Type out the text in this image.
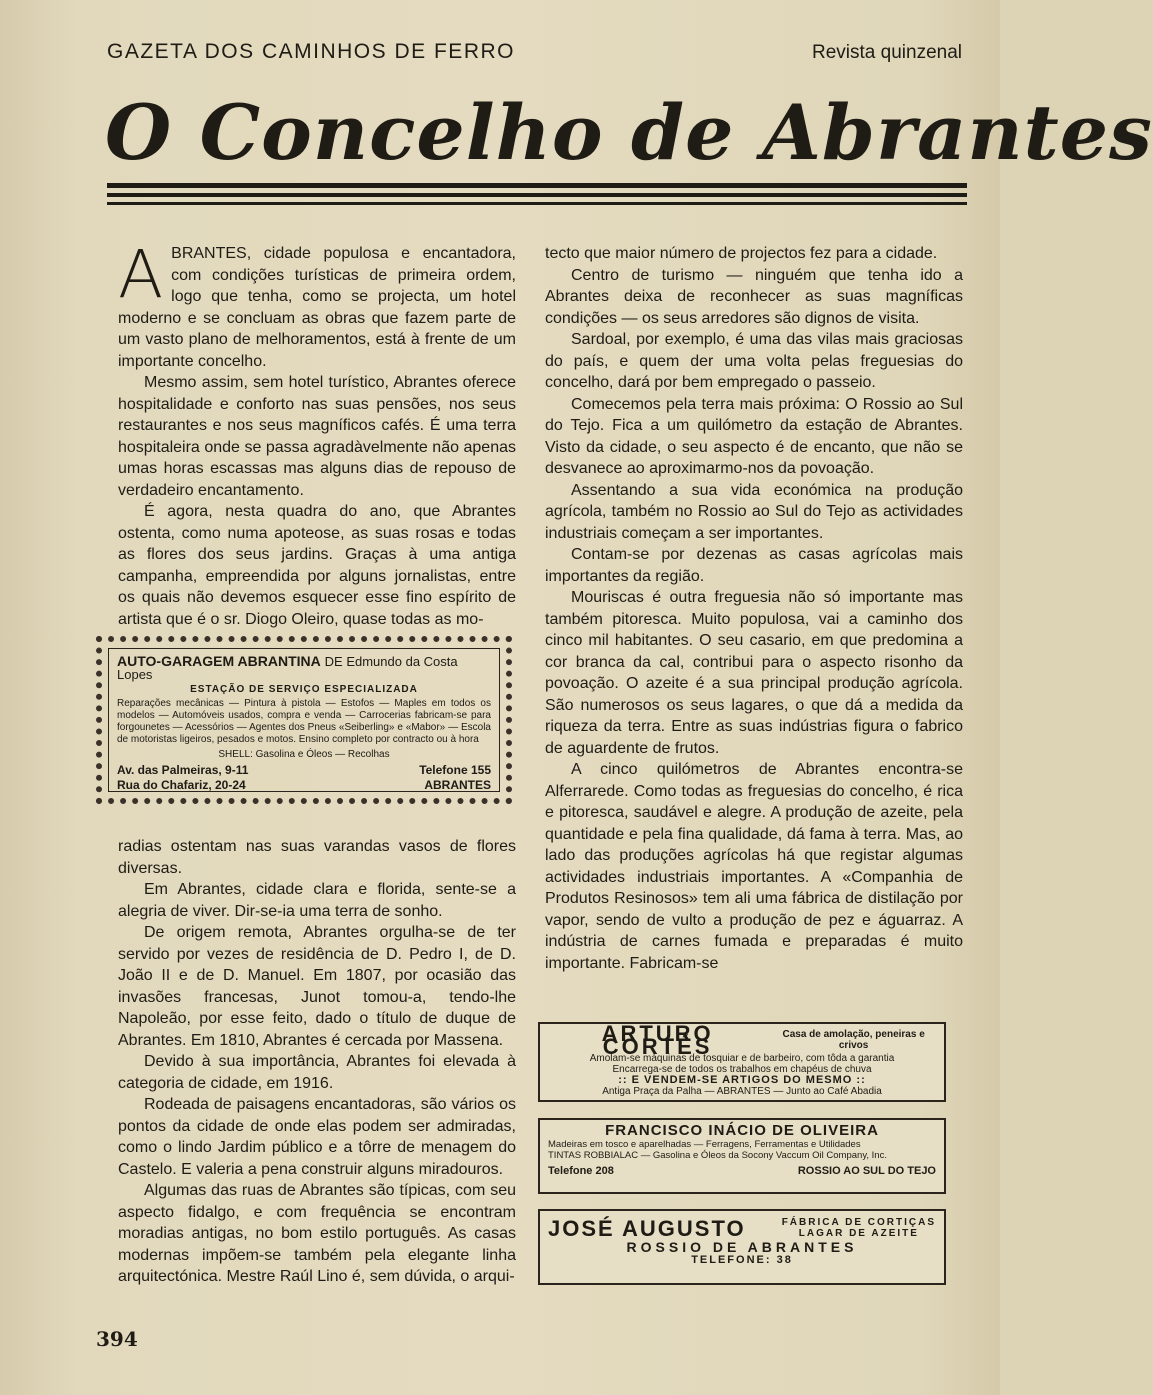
GAZETA DOS CAMINHOS DE FERRO	Revista quinzenal
O Concelho de Abrantes
A BRANTES, cidade populosa e encantadora, com condições turísticas de primeira ordem, logo que tenha, como se projecta, um hotel moderno e se concluam as obras que fazem parte de um vasto plano de melhoramentos, está à frente de um importante concelho.

Mesmo assim, sem hotel turístico, Abrantes oferece hospitalidade e conforto nas suas pensões, nos seus restaurantes e nos seus magníficos cafés. É uma terra hospitaleira onde se passa agradàvelmente não apenas umas horas escassas mas alguns dias de repouso de verdadeiro encantamento.

É agora, nesta quadra do ano, que Abrantes ostenta, como numa apoteose, as suas rosas e todas as flores dos seus jardins. Graças à uma antiga campanha, empreendida por alguns jornalistas, entre os quais não devemos esquecer esse fino espírito de artista que é o sr. Diogo Oleiro, quase todas as mo-

AUTO-GARAGEM ABRANTINA DE Edmundo da Costa Lopes
ESTAÇÃO DE SERVIÇO ESPECIALIZADA
Reparações mecânicas — Pintura à pistola — Estofos — Maples em todos os modelos — Automóveis usados, compra e venda — Carrocerias fabricam-se para forgounetes — Acessórios — Agentes dos Pneus «Seiberling» e «Mabor» — Escola de motoristas ligeiros, pesados e motos. Ensino completo por contracto ou à hora
SHELL: Gasolina e Óleos — Recolhas
Av. das Palmeiras, 9-11	Telefone 155
Rua do Chafariz, 20-24	ABRANTES

radias ostentam nas suas varandas vasos de flores diversas.

Em Abrantes, cidade clara e florida, sente-se a alegria de viver. Dir-se-ia uma terra de sonho.

De origem remota, Abrantes orgulha-se de ter servido por vezes de residência de D. Pedro I, de D. João II e de D. Manuel. Em 1807, por ocasião das invasões francesas, Junot tomou-a, tendo-lhe Napoleão, por esse feito, dado o título de duque de Abrantes. Em 1810, Abrantes é cercada por Massena.

Devido à sua importância, Abrantes foi elevada à categoria de cidade, em 1916.

Rodeada de paisagens encantadoras, são vários os pontos da cidade de onde elas podem ser admiradas, como o lindo Jardim público e a tôrre de menagem do Castelo. E valeria a pena construir alguns miradouros.

Algumas das ruas de Abrantes são típicas, com seu aspecto fidalgo, e com frequência se encontram moradias antigas, no bom estilo português. As casas modernas impõem-se também pela elegante linha arquitectónica. Mestre Raúl Lino é, sem dúvida, o arqui-

tecto que maior número de projectos fez para a cidade.

Centro de turismo — ninguém que tenha ido a Abrantes deixa de reconhecer as suas magníficas condições — os seus arredores são dignos de visita.

Sardoal, por exemplo, é uma das vilas mais graciosas do país, e quem der uma volta pelas freguesias do concelho, dará por bem empregado o passeio.

Comecemos pela terra mais próxima: O Rossio ao Sul do Tejo. Fica a um quilómetro da estação de Abrantes. Visto da cidade, o seu aspecto é de encanto, que não se desvanece ao aproximarmo-nos da povoação.

Assentando a sua vida económica na produção agrícola, também no Rossio ao Sul do Tejo as actividades industriais começam a ser importantes.

Contam-se por dezenas as casas agrícolas mais importantes da região.

Mouriscas é outra freguesia não só importante mas também pitoresca. Muito populosa, vai a caminho dos cinco mil habitantes. O seu casario, em que predomina a cor branca da cal, contribui para o aspecto risonho da povoação. O azeite é a sua principal produção agrícola. São numerosos os seus lagares, o que dá a medida da riqueza da terra. Entre as suas indústrias figura o fabrico de aguardente de frutos.

A cinco quilómetros de Abrantes encontra-se Alferrarede. Como todas as freguesias do concelho, é rica e pitoresca, saudável e alegre. A produção de azeite, pela quantidade e pela fina qualidade, dá fama à terra. Mas, ao lado das produções agrícolas há que registar algumas actividades industriais importantes. A «Companhia de Produtos Resinosos» tem ali uma fábrica de distilação por vapor, sendo de vulto a produção de pez e águarraz. A indústria de carnes fumada e preparadas é muito importante. Fabricam-se

ARTURO CORTÉS	Casa de amolação, peneiras e crivos
Amolam-se máquinas de tosquiar e de barbeiro, com tôda a garantia
Encarrega-se de todos os trabalhos em chapéus de chuva
:: E VENDEM-SE ARTIGOS DO MESMO ::
Antiga Praça da Palha — ABRANTES — Junto ao Café Abadia
FRANCISCO INÁCIO DE OLIVEIRA
Madeiras em tosco e aparelhadas — Ferragens, Ferramentas e Utilidades
TINTAS ROBBIALAC — Gasolina e Óleos da Socony Vaccum Oil Company, Inc.
Telefone 208	ROSSIO AO SUL DO TEJO
JOSÉ AUGUSTO	FÁBRICA DE CORTIÇAS
LAGAR DE AZEITE
ROSSIO DE ABRANTES
TELEFONE: 38
394
